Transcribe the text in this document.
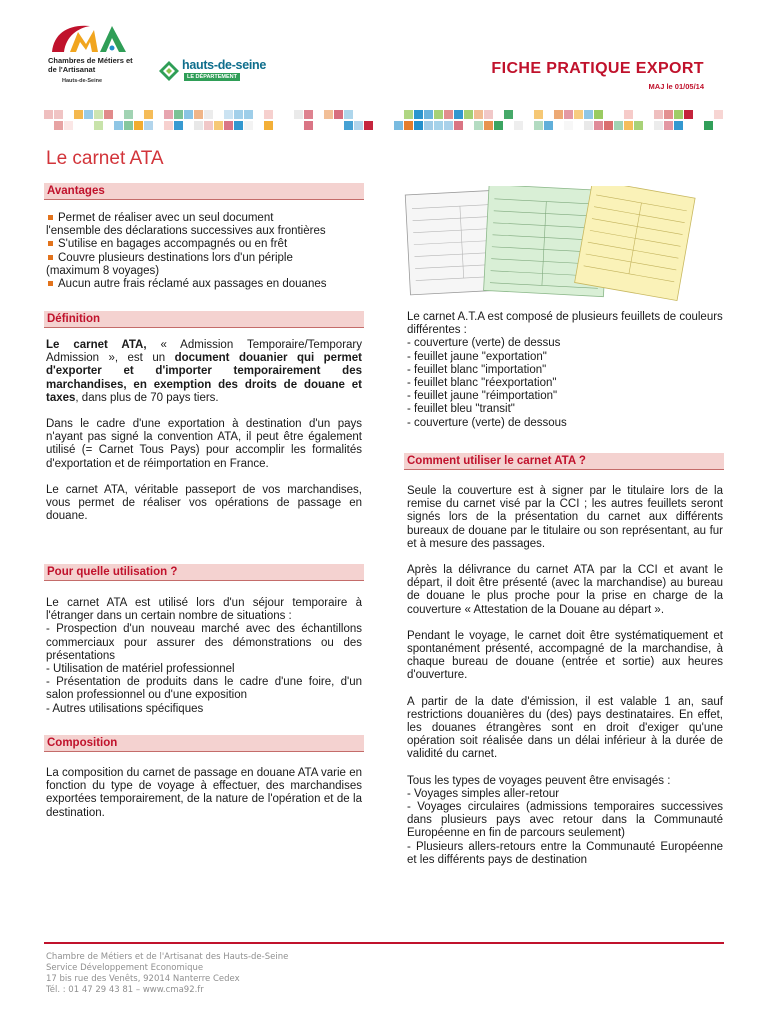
Chambres de Métiers et de l'Artisanat
Hauts-de-Seine
hauts-de-seine
LE DÉPARTEMENT	FICHE PRATIQUE EXPORT
MAJ le 01/05/14
Le carnet ATA
Avantages
Permet de réaliser avec un seul document
l'ensemble des déclarations successives aux frontières
S'utilise en bagages accompagnés ou en frêt
Couvre plusieurs destinations lors d'un périple
(maximum 8 voyages)
Aucun autre frais réclamé aux passages en douanes
Définition

Le carnet ATA, « Admission Temporaire/Temporary Admission », est un document douanier qui permet d'exporter et d'importer temporairement des marchandises, en exemption des droits de douane et taxes, dans plus de 70 pays tiers.

Dans le cadre d'une exportation à destination d'un pays n'ayant pas signé la convention ATA, il peut être également utilisé (= Carnet Tous Pays) pour accomplir les formalités d'exportation et de réimportation en France.

Le carnet ATA, véritable passeport de vos marchandises, vous permet de réaliser vos opérations de passage en douane.

Pour quelle utilisation ?

Le carnet ATA est utilisé lors d'un séjour temporaire à l'étranger dans un certain nombre de situations :

- Prospection d'un nouveau marché avec des échantillons commerciaux pour assurer des démonstrations ou des présentations

- Utilisation de matériel professionnel

- Présentation de produits dans le cadre d'une foire, d'un salon professionnel ou d'une exposition

- Autres utilisations spécifiques

Composition
La composition du carnet de passage en douane ATA varie en fonction du type de voyage à effectuer, des marchandises exportées temporairement, de la nature de l'opération et de la destination.

Le carnet A.T.A est composé de plusieurs feuillets de couleurs différentes :

- couverture (verte) de dessus
- feuillet jaune "exportation"
- feuillet blanc "importation"
- feuillet blanc "réexportation"
- feuillet jaune "réimportation"
- feuillet bleu "transit"
- couverture (verte) de dessous
Comment utiliser le carnet ATA ?

Seule la couverture est à signer par le titulaire lors de la remise du carnet visé par la CCI ; les autres feuillets seront signés lors de la présentation du carnet aux différents bureaux de douane par le titulaire ou son représentant, au fur et à mesure des passages.

Après la délivrance du carnet ATA par la CCI et avant le départ, il doit être présenté (avec la marchandise) au bureau de douane le plus proche pour la prise en charge de la couverture « Attestation de la Douane au départ ».

Pendant le voyage, le carnet doit être systématiquement et spontanément présenté, accompagné de la marchandise, à chaque bureau de douane (entrée et sortie) aux heures d'ouverture.

A partir de la date d'émission, il est valable 1 an, sauf restrictions douanières du (des) pays destinataires. En effet, les douanes étrangères sont en droit d'exiger qu'une opération soit réalisée dans un délai inférieur à la durée de validité du carnet.

Tous les types de voyages peuvent être envisagés :

- Voyages simples aller-retour

- Voyages circulaires (admissions temporaires successives dans plusieurs pays avec retour dans la Communauté Européenne en fin de parcours seulement)

- Plusieurs allers-retours entre la Communauté Européenne et les différents pays de destination

Chambre de Métiers et de l'Artisanat des Hauts-de-Seine
Service Développement Economique
17 bis rue des Venêts, 92014 Nanterre Cedex
Tél. : 01 47 29 43 81 – www.cma92.fr
